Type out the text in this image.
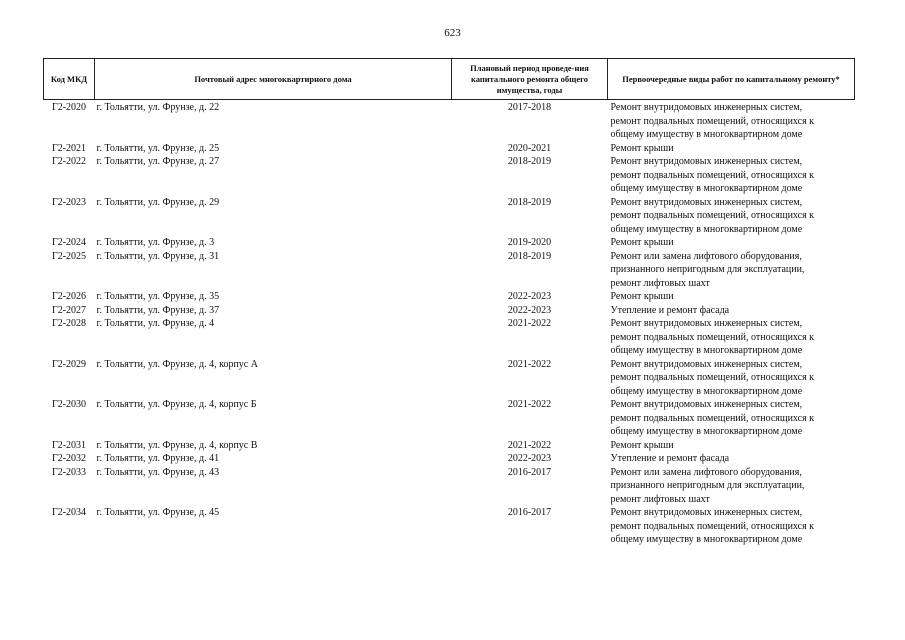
623
Код МКД	Почтовый адрес многоквартирного дома	Плановый период проведе-ния капитального ремонта общего имущества, годы	Первоочередные виды работ по капитальному ремонту*
Г2-2020	г. Тольятти, ул. Фрунзе, д. 22	2017-2018	Ремонт внутридомовых инженерных систем,
ремонт подвальных помещений, относящихся к
общему имуществу в многоквартирном доме

Г2-2021	г. Тольятти, ул. Фрунзе, д. 25	2020-2021	Ремонт крыши

Г2-2022	г. Тольятти, ул. Фрунзе, д. 27	2018-2019	Ремонт внутридомовых инженерных систем,
ремонт подвальных помещений, относящихся к
общему имуществу в многоквартирном доме

Г2-2023	г. Тольятти, ул. Фрунзе, д. 29	2018-2019	Ремонт внутридомовых инженерных систем,
ремонт подвальных помещений, относящихся к
общему имуществу в многоквартирном доме

Г2-2024	г. Тольятти, ул. Фрунзе, д. 3	2019-2020	Ремонт крыши

Г2-2025	г. Тольятти, ул. Фрунзе, д. 31	2018-2019	Ремонт или замена лифтового оборудования,
признанного непригодным для эксплуатации,
ремонт лифтовых шахт

Г2-2026	г. Тольятти, ул. Фрунзе, д. 35	2022-2023	Ремонт крыши

Г2-2027	г. Тольятти, ул. Фрунзе, д. 37	2022-2023	Утепление и ремонт фасада

Г2-2028	г. Тольятти, ул. Фрунзе, д. 4	2021-2022	Ремонт внутридомовых инженерных систем,
ремонт подвальных помещений, относящихся к
общему имуществу в многоквартирном доме

Г2-2029	г. Тольятти, ул. Фрунзе, д. 4, корпус А	2021-2022	Ремонт внутридомовых инженерных систем,
ремонт подвальных помещений, относящихся к
общему имуществу в многоквартирном доме

Г2-2030	г. Тольятти, ул. Фрунзе, д. 4, корпус Б	2021-2022	Ремонт внутридомовых инженерных систем,
ремонт подвальных помещений, относящихся к
общему имуществу в многоквартирном доме

Г2-2031	г. Тольятти, ул. Фрунзе, д. 4, корпус В	2021-2022	Ремонт крыши

Г2-2032	г. Тольятти, ул. Фрунзе, д. 41	2022-2023	Утепление и ремонт фасада

Г2-2033	г. Тольятти, ул. Фрунзе, д. 43	2016-2017	Ремонт или замена лифтового оборудования,
признанного непригодным для эксплуатации,
ремонт лифтовых шахт

Г2-2034	г. Тольятти, ул. Фрунзе, д. 45	2016-2017	Ремонт внутридомовых инженерных систем,
ремонт подвальных помещений, относящихся к
общему имуществу в многоквартирном доме
